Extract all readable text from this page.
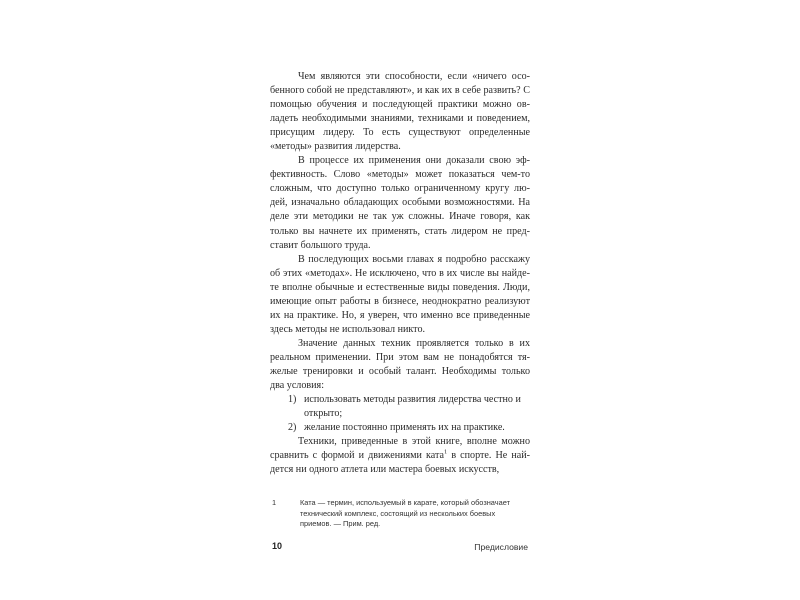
Чем являются эти способности, если «ничего особенного собой не представляют», и как их в себе развить? С помощью обучения и последующей практики можно овладеть необходимыми знаниями, техниками и поведением, присущим лидеру. То есть существуют определенные «методы» развития лидерства.

В процессе их применения они доказали свою эффективность. Слово «методы» может показаться чем-то сложным, что доступно только ограниченному кругу людей, изначально обладающих особыми возможностями. На деле эти методики не так уж сложны. Иначе говоря, как только вы начнете их применять, стать лидером не представит большого труда.

В последующих восьми главах я подробно расскажу об этих «методах». Не исключено, что в их числе вы найдете вполне обычные и естественные виды поведения. Люди, имеющие опыт работы в бизнесе, неоднократно реализуют их на практике. Но, я уверен, что именно все приведенные здесь методы не использовал никто.

Значение данных техник проявляется только в их реальном применении. При этом вам не понадобятся тяжелые тренировки и особый талант. Необходимы только два условия:

1) использовать методы развития лидерства честно и открыто;
2) желание постоянно применять их на практике.

Техники, приведенные в этой книге, вполне можно сравнить с формой и движениями ката$^1$ в спорте. Не найдется ни одного атлета или мастера боевых искусств,

1	Ката — термин, используемый в карате, который обозначает технический комплекс, состоящий из нескольких боевых приемов. — Прим. ред.
10	Предисловие
